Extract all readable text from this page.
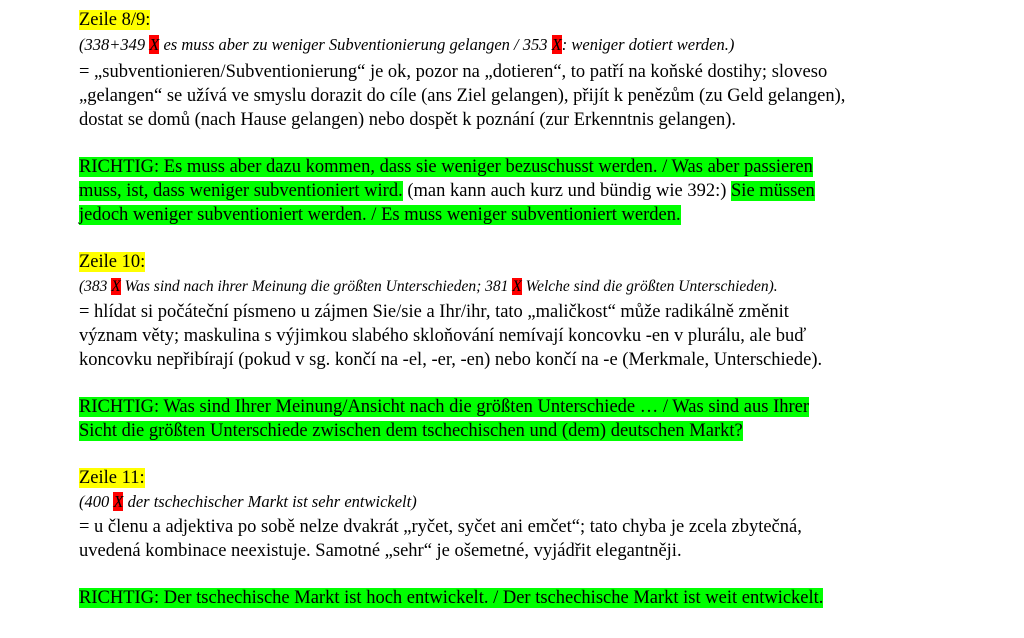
Zeile 8/9:
(338+349 X es muss aber zu weniger Subventionierung gelangen / 353 X: weniger dotiert werden.)
= „subventionieren/Subventionierung“ je ok, pozor na „dotieren“, to patří na koňské dostihy; sloveso
„gelangen“ se užívá ve smyslu dorazit do cíle (ans Ziel gelangen), přijít k penězům (zu Geld gelangen),
dostat se domů (nach Hause gelangen) nebo dospět k poznání (zur Erkenntnis gelangen).
RICHTIG: Es muss aber dazu kommen, dass sie weniger bezuschusst werden. / Was aber passieren
muss, ist, dass weniger subventioniert wird. (man kann auch kurz und bündig wie 392:) Sie müssen
jedoch weniger subventioniert werden. / Es muss weniger subventioniert werden.
Zeile 10:
(383 X Was sind nach ihrer Meinung die größten Unterschieden; 381 X Welche sind die größten Unterschieden).
= hlídat si počáteční písmeno u zájmen Sie/sie a Ihr/ihr, tato „maličkost“ může radikálně změnit
význam věty; maskulina s výjimkou slabého skloňování nemívají koncovku -en v plurálu, ale buď
koncovku nepřibírají (pokud v sg. končí na -el, -er, -en) nebo končí na -e (Merkmale, Unterschiede).
RICHTIG: Was sind Ihrer Meinung/Ansicht nach die größten Unterschiede … / Was sind aus Ihrer
Sicht die größten Unterschiede zwischen dem tschechischen und (dem) deutschen Markt?
Zeile 11:
(400 X der tschechischer Markt ist sehr entwickelt)
= u členu a adjektiva po sobě nelze dvakrát „ryčet, syčet ani emčet“; tato chyba je zcela zbytečná,
uvedená kombinace neexistuje. Samotné „sehr“ je ošemetné, vyjádřit elegantněji.
RICHTIG: Der tschechische Markt ist hoch entwickelt. / Der tschechische Markt ist weit entwickelt.
